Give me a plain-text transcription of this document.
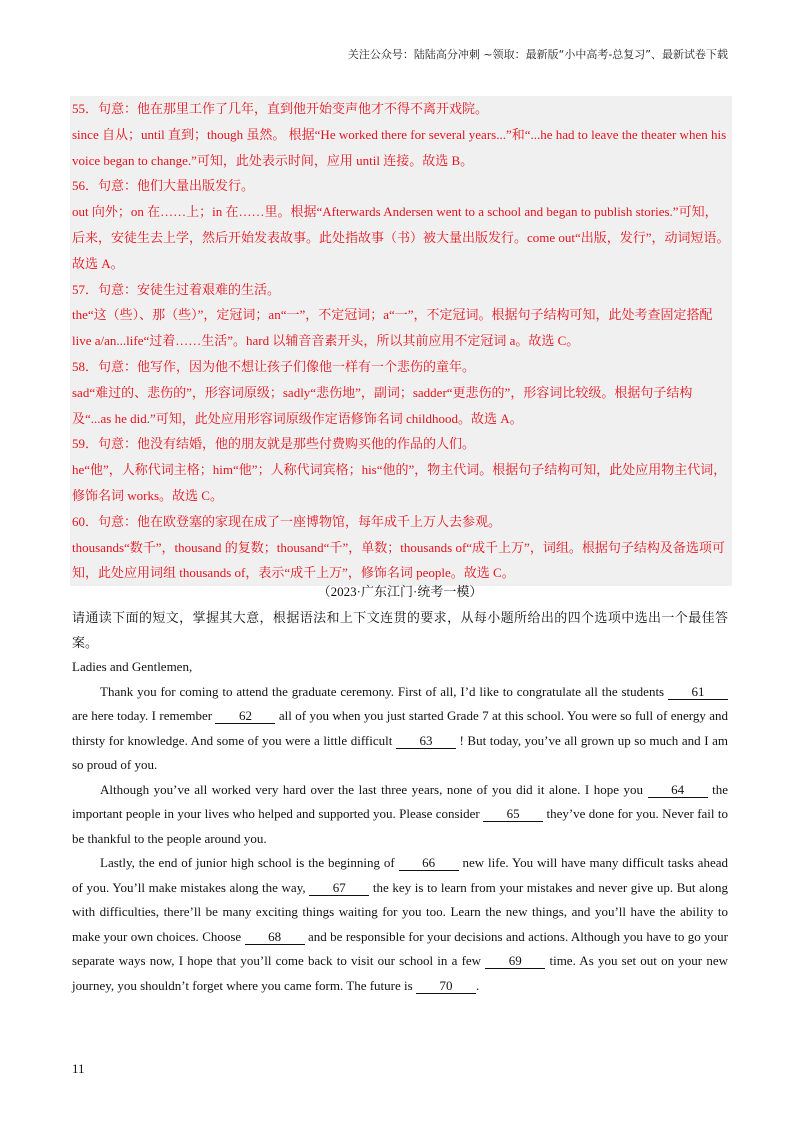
关注公众号：陆陆高分冲刺 ~领取：最新版“小中高考-总复习”、最新试卷下载

55．句意：他在那里工作了几年，直到他开始变声他才不得不离开戏院。

since 自从；until 直到；though 虽然。 根据“He worked there for several years...”和“...he had to leave the theater when his voice began to change.”可知，此处表示时间，应用 until 连接。故选 B。

56．句意：他们大量出版发行。

out 向外；on 在……上；in 在……里。根据“Afterwards Andersen went to a school and began to publish stories.”可知，后来，安徒生去上学，然后开始发表故事。此处指故事（书）被大量出版发行。come out“出版，发行”，动词短语。故选 A。

57．句意：安徒生过着艰难的生活。

the“这（些）、那（些）”，定冠词；an“一”，不定冠词；a“一”，不定冠词。根据句子结构可知，此处考查固定搭配 live a/an...life“过着……生活”。hard 以辅音音素开头，所以其前应用不定冠词 a。故选 C。

58．句意：他写作，因为他不想让孩子们像他一样有一个悲伤的童年。

sad“难过的、悲伤的”，形容词原级；sadly“悲伤地”，副词；sadder“更悲伤的”，形容词比较级。根据句子结构及“...as he did.”可知，此处应用形容词原级作定语修饰名词 childhood。故选 A。

59．句意：他没有结婚，他的朋友就是那些付费购买他的作品的人们。

he“他”，人称代词主格；him“他”；人称代词宾格；his“他的”，物主代词。根据句子结构可知，此处应用物主代词，修饰名词 works。故选 C。

60．句意：他在欧登塞的家现在成了一座博物馆，每年成千上万人去参观。

thousands“数千”，thousand 的复数；thousand“千”，单数；thousands of“成千上万”，词组。根据句子结构及备选项可知，此处应用词组 thousands of，表示“成千上万”，修饰名词 people。故选 C。

（2023·广东江门·统考一模）

请通读下面的短文，掌握其大意，根据语法和上下文连贯的要求，从每小题所给出的四个选项中选出一个最佳答案。

Ladies and Gentlemen,

Thank you for coming to attend the graduate ceremony. First of all, I’d like to congratulate all the students 61 are here today. I remember 62 all of you when you just started Grade 7 at this school. You were so full of energy and thirsty for knowledge. And some of you were a little difficult 63 ! But today, you’ve all grown up so much and I am so proud of you.

Although you’ve all worked very hard over the last three years, none of you did it alone. I hope you 64 the important people in your lives who helped and supported you. Please consider 65 they’ve done for you. Never fail to be thankful to the people around you.

Lastly, the end of junior high school is the beginning of 66 new life. You will have many difficult tasks ahead of you. You’ll make mistakes along the way, 67 the key is to learn from your mistakes and never give up. But along with difficulties, there’ll be many exciting things waiting for you too. Learn the new things, and you’ll have the ability to make your own choices. Choose 68 and be responsible for your decisions and actions. Although you have to go your separate ways now, I hope that you’ll come back to visit our school in a few 69 time. As you set out on your new journey, you shouldn’t forget where you came form. The future is 70 .

11
